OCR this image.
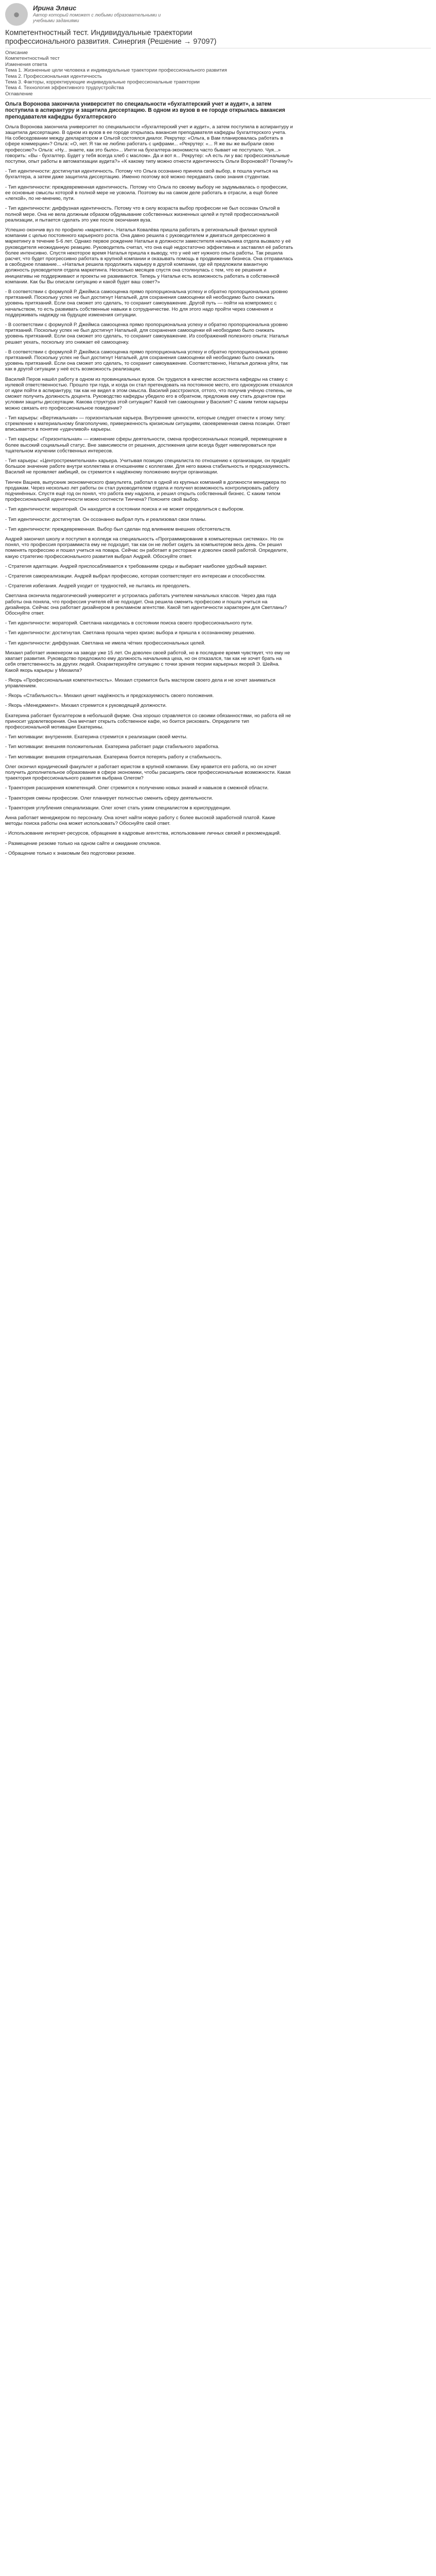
● Ирина Элвис
Автор который поможет с любыми образовательными и учебными заданиями
Компетентностный тест. Индивидуальные траектории профессионального развития. Синергия (Решение → 97097)
Описание
Компетентностный тест
Изменения ответа
Тема 1. Жизненные цели человека и индивидуальные траектории профессионального развития
Тема 2. Профессиональная идентичность
Тема 3. Факторы, корректирующие индивидуальные профессиональные траектории
Тема 4. Технология эффективного трудоустройства
Оглавление

Ольга Воронова закончила университет по специальности «бухгалтерский учет и аудит», а затем поступила в аспирантуру и защитила диссертацию. В одном из вузов в ее городе открылась вакансия преподавателя кафедры бухгалтерского

Ольга Воронова закончила университет по специальности «бухгалтерский учет и аудит», а затем поступила в аспирантуру и защитила диссертацию. В одном из вузов в ее городе открылась вакансия преподавателя кафедры бухгалтерского учета. На собеседовании между декларатором и Ольгой состоялся диалог. Рекрутер: «Ольга, в Вам планировалась работать в сфере коммерции»? Ольга: «О, нет. Я так не люблю работать с цифрами... «Рекрутер: «... Я же вы же выбрали свою профессию?» Ольга: «Ну... знаете, как это было»... Ингги на бухгалтера-экономиста часто бывает не поступало. Чуя...» говорить: «Вы - бухгалтер. Будет у тебя всегда хлеб с маслом». Да и вот я... Рекрутер: «А есть ли у вас профессиональные поступки, опыт работы в автоматизации аудита?» «К какому типу можно отнести идентичность Ольги Вороновой? Почему?»

- Тип идентичности: достигнутая идентичность. Потому что Ольга осознанно приняла свой выбор, в пошла учиться на бухгалтера, а затем даже защитила диссертацию. Именно поэтому всё можно передавать свою знания студентам.

- Тип идентичности: преждевременная идентичность. Потому что Ольга по своему выбору не задумывалась о профессии, ее основные смыслы которой в полной мере не усвоила. Поэтому вы на самом деле работать в отрасли, а ещё более «легкой», по не-мнению, пути.

- Тип идентичности: диффузная идентичность. Потому что в силу возраста выбор профессии не был осознан Ольгой в полной мере. Она не вела должным образом обдумывание собственных жизненных целей и путей профессиональной реализации, и пытается сделать это уже после окончания вуза.

Успешно окончив вуз по профилю «маркетинг», Наталья Ковалёва пришла работать в региональный филиал крупной компании с целью постоянного карьерного роста. Она давно решила с руководителем и двигаться депрессионно в маркетингу в течение 5-6 лет. Однако первое рождение Натальи в должности заместителя начальника отдела вызвало у её руководителя неожиданную реакцию. Руководитель считал, что она ещё недостаточно эффективна и заставлял её работать более интенсивно. Спустя некоторое время Наталья пришла к выводу, что у неё нет нужного опыта работы. Так решила расчет, что будет прогрессивно работать в крупной компании и оказывать помощь в продвижении бизнеса. Она отправилась в свободное плавание... «Наталья решила продолжить карьеру в другой компании, где ей предложили вакантную должность руководителя отдела маркетинга. Несколько месяцев спустя она столкнулась с тем, что ее решения и инициативы не поддерживают и проекты не развиваются. Теперь у Натальи есть возможность работать в собственной компании. Как бы Вы описали ситуацию и какой будет ваш совет?»

- В соответствии с формулой Р. Джеймса самооценка прямо пропорциональна успеху и обратно пропорциональна уровню притязаний. Поскольку успех не был достигнут Натальей, для сохранения самооценки ей необходимо было снижать уровень притязаний. Если она сможет это сделать, то сохранит самоуважение. Другой путь — пойти на компромисс с начальством, то есть развивать собственные навыки в сотрудничестве. Но для этого надо пройти через сомнения и поддерживать надежду на будущее изменения ситуации.

- В соответствии с формулой Р. Джеймса самооценка прямо пропорциональна успеху и обратно пропорциональна уровню притязаний. Поскольку успех не был достигнут Натальей, для сохранения самооценки ей необходимо было снижать уровень притязаний. Если она сможет это сделать, то сохранит самоуважение. Из соображений полезного опыта: Наталья решает уехать, поскольку это снижает её самооценку.

- В соответствии с формулой Р. Джеймса самооценка прямо пропорциональна успеху и обратно пропорциональна уровню притязаний. Поскольку успех не был достигнут Натальей, для сохранения самооценки ей необходимо было снижать уровень притязаний. Если она сможет это сделать, то сохранит самоуважение. Соответственно, Наталья должна уйти, так как в другой ситуации у неё есть возможность реализации.

Василий Перов нашёл работу в одном из провинциальных вузов. Он трудился в качестве ассистента кафедры на ставку с нулевой ответственностью. Прошло три года, и когда он стал претендовать на постоянное место, его однокурсник отказался от идеи пойти в аспирантуру, так как не видел в этом смысла. Василий расстроился, оттого, что получив учёную степень, не сможет получить должность доцента. Руководство кафедры убедило его в обратном, предложив ему стать доцентом при условии защиты диссертации. Какова структура этой ситуации? Какой тип самооценки у Василия? С каким типом карьеры можно связать его профессиональное поведение?

- Тип карьеры: «Вертикальная» — горизонтальная карьера. Внутренние ценности, которые следует отнести к этому типу: стремление к материальному благополучию, приверженность кризисным ситуациям, своевременная смена позиции. Ответ вписывается в понятие «удачливой» карьеры.

- Тип карьеры: «Горизонтальная» — изменение сферы деятельности, смена профессиональных позиций, перемещение в более высокий социальный статус. Вне зависимости от решения, достижения цели всегда будет нивелироваться при тщательном изучении собственных интересов.

- Тип карьеры: «Центростремительная» карьера. Учитывая позицию специалиста по отношению к организации, он придаёт большое значение работе внутри коллектива и отношениям с коллегами. Для него важна стабильность и предсказуемость. Василий не проявляет амбиций, он стремится к надёжному положению внутри организации.

Тинчен Вацнев, выпускник экономического факультета, работал в одной из крупных компаний в должности менеджера по продажам. Через несколько лет работы он стал руководителем отдела и получил возможность контролировать работу подчинённых. Спустя ещё год он понял, что работа ему надоела, и решил открыть собственный бизнес. С каким типом профессиональной идентичности можно соотнести Тинчена? Поясните свой выбор.

- Тип идентичности: мораторий. Он находится в состоянии поиска и не может определиться с выбором.

- Тип идентичности: достигнутая. Он осознанно выбрал путь и реализовал свои планы.

- Тип идентичности: преждевременная. Выбор был сделан под влиянием внешних обстоятельств.

Андрей закончил школу и поступил в колледж на специальность «Программирование в компьютерных системах». Но он понял, что профессия программиста ему не подходит, так как он не любит сидеть за компьютером весь день. Он решил поменять профессию и пошел учиться на повара. Сейчас он работает в ресторане и доволен своей работой. Определите, какую стратегию профессионального развития выбрал Андрей. Обоснуйте ответ.

- Стратегия адаптации. Андрей приспосабливается к требованиям среды и выбирает наиболее удобный вариант.

- Стратегия самореализации. Андрей выбрал профессию, которая соответствует его интересам и способностям.

- Стратегия избегания. Андрей уходит от трудностей, не пытаясь их преодолеть.

Светлана окончила педагогический университет и устроилась работать учителем начальных классов. Через два года работы она поняла, что профессия учителя ей не подходит. Она решила сменить профессию и пошла учиться на дизайнера. Сейчас она работает дизайнером в рекламном агентстве. Какой тип идентичности характерен для Светланы? Обоснуйте ответ.

- Тип идентичности: мораторий. Светлана находилась в состоянии поиска своего профессионального пути.

- Тип идентичности: достигнутая. Светлана прошла через кризис выбора и пришла к осознанному решению.

- Тип идентичности: диффузная. Светлана не имела чётких профессиональных целей.

Михаил работает инженером на заводе уже 15 лет. Он доволен своей работой, но в последнее время чувствует, что ему не хватает развития. Руководство предложило ему должность начальника цеха, но он отказался, так как не хочет брать на себя ответственность за других людей. Охарактеризуйте ситуацию с точки зрения теории карьерных якорей Э. Шейна. Какой якорь карьеры у Михаила?

- Якорь «Профессиональная компетентность». Михаил стремится быть мастером своего дела и не хочет заниматься управлением.

- Якорь «Стабильность». Михаил ценит надёжность и предсказуемость своего положения.

- Якорь «Менеджмент». Михаил стремится к руководящей должности.

Екатерина работает бухгалтером в небольшой фирме. Она хорошо справляется со своими обязанностями, но работа ей не приносит удовлетворения. Она мечтает открыть собственное кафе, но боится рисковать. Определите тип профессиональной мотивации Екатерины.

- Тип мотивации: внутренняя. Екатерина стремится к реализации своей мечты.

- Тип мотивации: внешняя положительная. Екатерина работает ради стабильного заработка.

- Тип мотивации: внешняя отрицательная. Екатерина боится потерять работу и стабильность.

Олег окончил юридический факультет и работает юристом в крупной компании. Ему нравится его работа, но он хочет получить дополнительное образование в сфере экономики, чтобы расширить свои профессиональные возможности. Какая траектория профессионального развития выбрана Олегом?

- Траектория расширения компетенций. Олег стремится к получению новых знаний и навыков в смежной области.

- Траектория смены профессии. Олег планирует полностью сменить сферу деятельности.

- Траектория углубления специализации. Олег хочет стать узким специалистом в юриспруденции.

Анна работает менеджером по персоналу. Она хочет найти новую работу с более высокой заработной платой. Какие методы поиска работы она может использовать? Обоснуйте свой ответ.

- Использование интернет-ресурсов, обращение в кадровые агентства, использование личных связей и рекомендаций.

- Размещение резюме только на одном сайте и ожидание откликов.

- Обращение только к знакомым без подготовки резюме.
